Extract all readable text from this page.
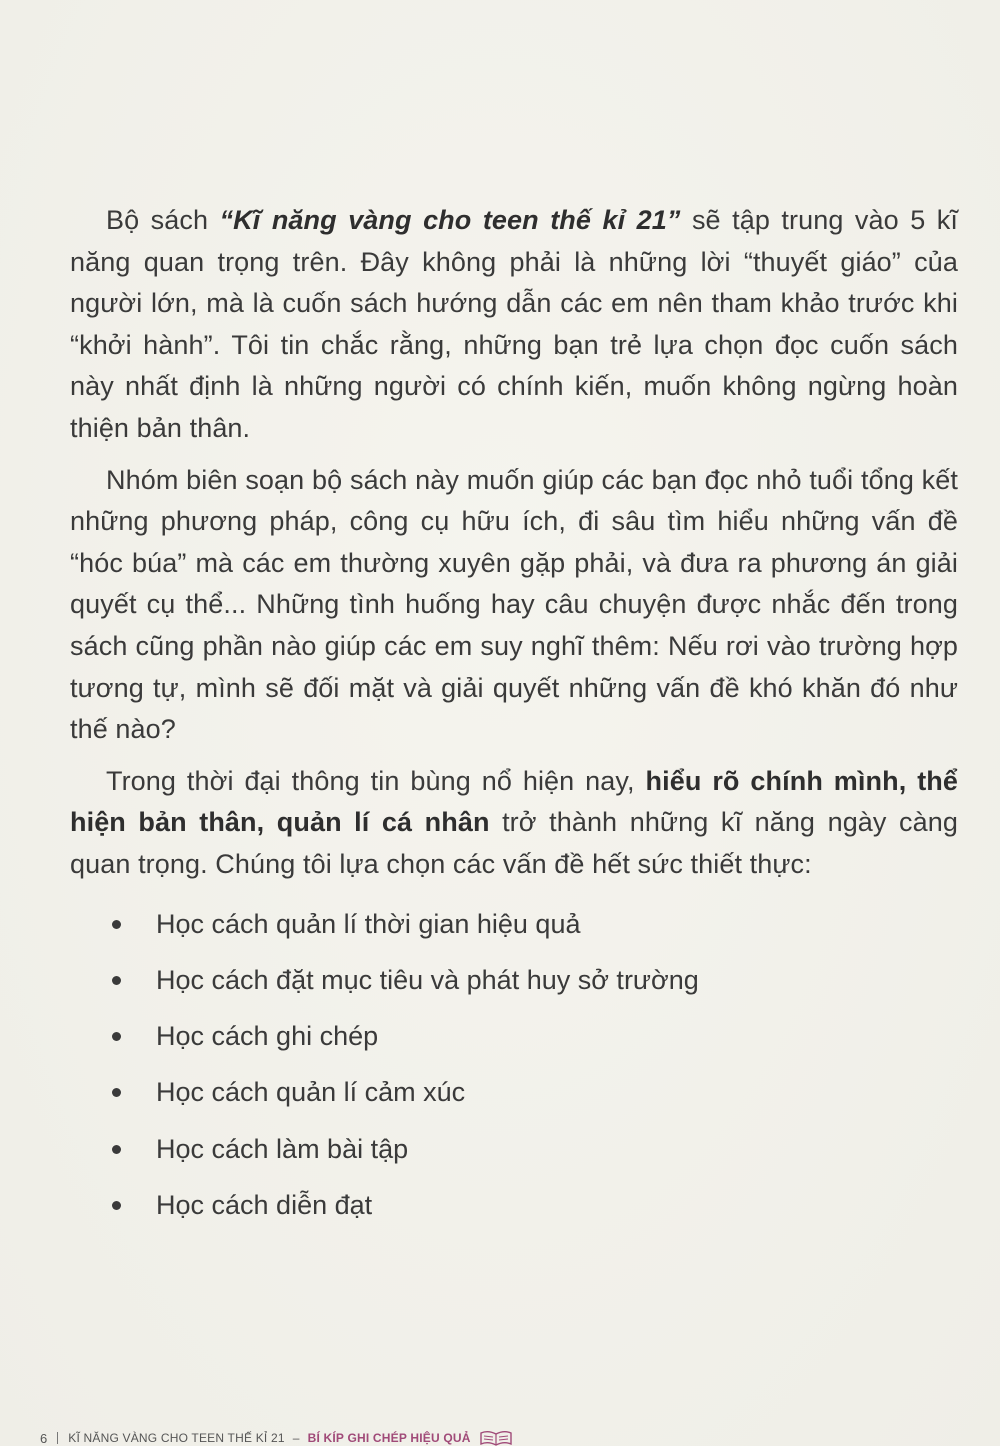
Bộ sách “Kĩ năng vàng cho teen thế kỉ 21” sẽ tập trung vào 5 kĩ năng quan trọng trên. Đây không phải là những lời “thuyết giáo” của người lớn, mà là cuốn sách hướng dẫn các em nên tham khảo trước khi “khởi hành”. Tôi tin chắc rằng, những bạn trẻ lựa chọn đọc cuốn sách này nhất định là những người có chính kiến, muốn không ngừng hoàn thiện bản thân.

Nhóm biên soạn bộ sách này muốn giúp các bạn đọc nhỏ tuổi tổng kết những phương pháp, công cụ hữu ích, đi sâu tìm hiểu những vấn đề “hóc búa” mà các em thường xuyên gặp phải, và đưa ra phương án giải quyết cụ thể... Những tình huống hay câu chuyện được nhắc đến trong sách cũng phần nào giúp các em suy nghĩ thêm: Nếu rơi vào trường hợp tương tự, mình sẽ đối mặt và giải quyết những vấn đề khó khăn đó như thế nào?

Trong thời đại thông tin bùng nổ hiện nay, hiểu rõ chính mình, thể hiện bản thân, quản lí cá nhân trở thành những kĩ năng ngày càng quan trọng. Chúng tôi lựa chọn các vấn đề hết sức thiết thực:

Học cách quản lí thời gian hiệu quả
Học cách đặt mục tiêu và phát huy sở trường
Học cách ghi chép
Học cách quản lí cảm xúc
Học cách làm bài tập
Học cách diễn đạt
6 KĨ NĂNG VÀNG CHO TEEN THẾ KỈ 21 – BÍ KÍP GHI CHÉP HIỆU QUẢ
